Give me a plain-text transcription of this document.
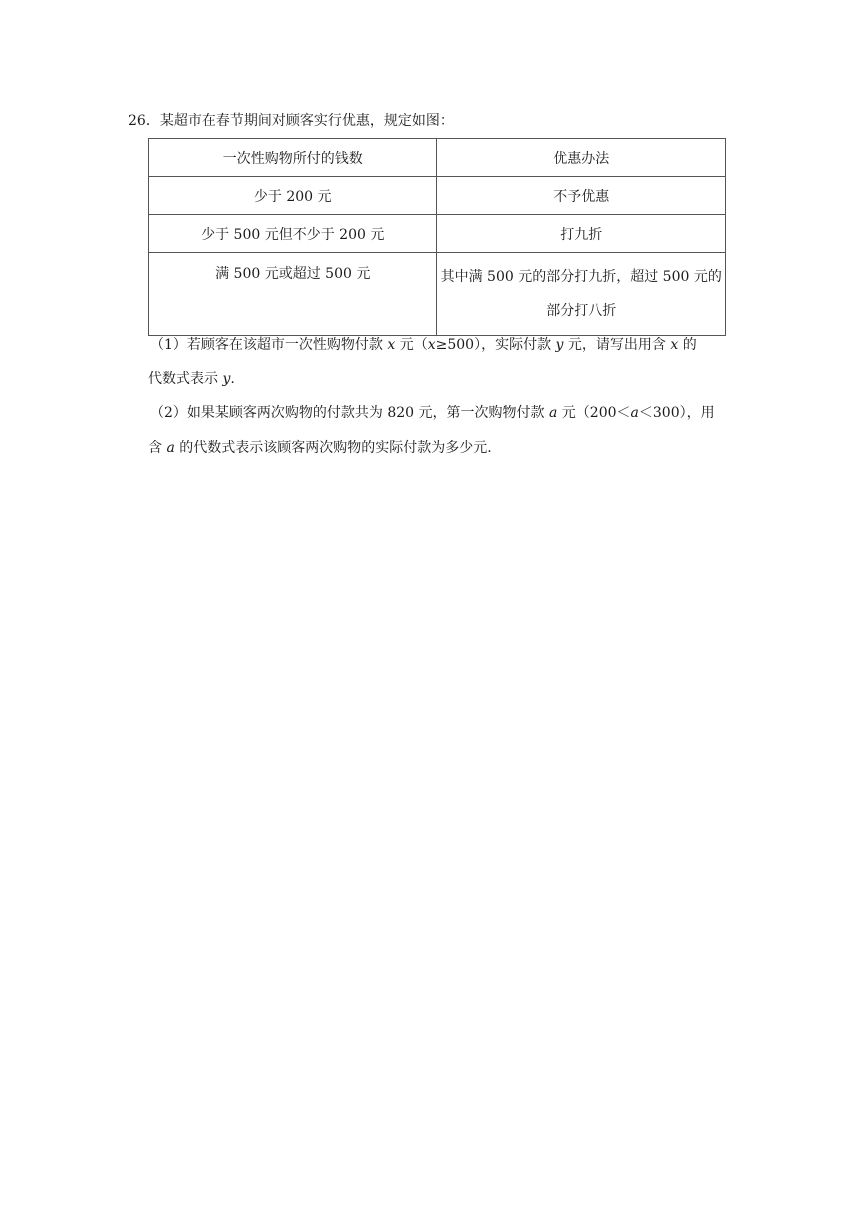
26．某超市在春节期间对顾客实行优惠，规定如图：
一次性购物所付的钱数	优惠办法
少于 200 元	不予优惠
少于 500 元但不少于 200 元	打九折
满 500 元或超过 500 元	其中满 500 元的部分打九折，超过 500 元的
部分打八折
（1）若顾客在该超市一次性购物付款 x 元（x≥500），实际付款 y 元，请写出用含 x 的
代数式表示 y.
（2）如果某顾客两次购物的付款共为 820 元，第一次购物付款 a 元（200＜a＜300），用
含 a 的代数式表示该顾客两次购物的实际付款为多少元.
